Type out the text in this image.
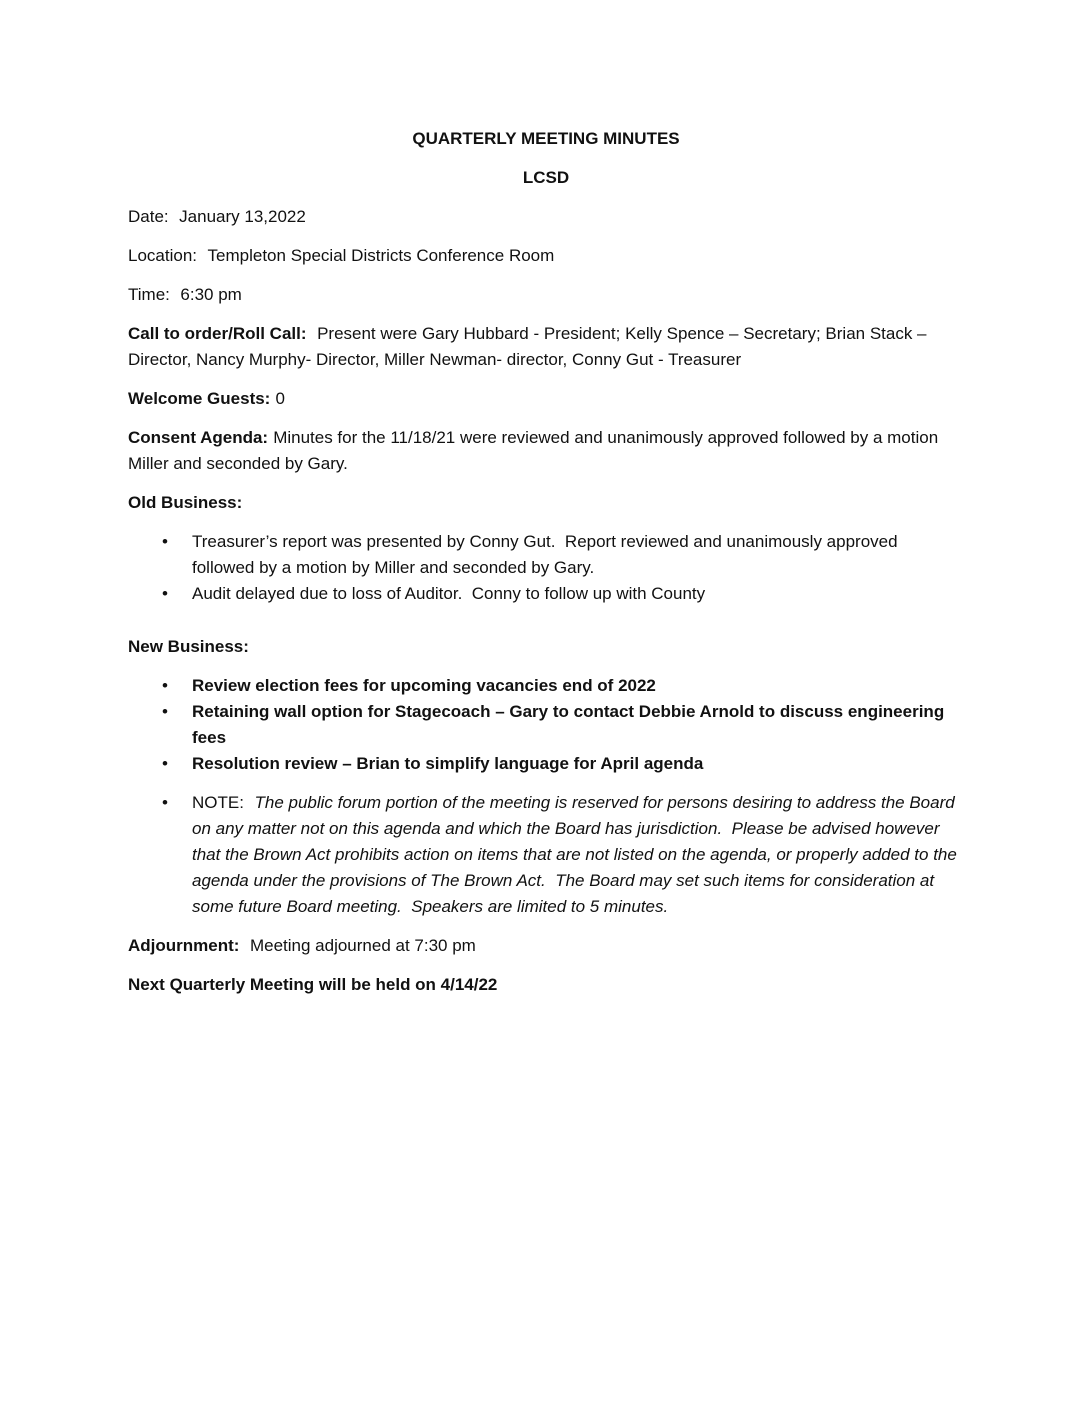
QUARTERLY MEETING MINUTES

LCSD

Date: January 13,2022

Location: Templeton Special Districts Conference Room

Time: 6:30 pm

Call to order/Roll Call: Present were Gary Hubbard - President; Kelly Spence – Secretary; Brian Stack – Director, Nancy Murphy- Director, Miller Newman- director, Conny Gut - Treasurer

Welcome Guests: 0

Consent Agenda: Minutes for the 11/18/21 were reviewed and unanimously approved followed by a motion Miller and seconded by Gary.

Old Business:

• Treasurer’s report was presented by Conny Gut.  Report reviewed and unanimously approved followed by a motion by Miller and seconded by Gary.
• Audit delayed due to loss of Auditor.  Conny to follow up with County

New Business:

• Review election fees for upcoming vacancies end of 2022
• Retaining wall option for Stagecoach – Gary to contact Debbie Arnold to discuss engineering fees
• Resolution review – Brian to simplify language for April agenda
• NOTE: The public forum portion of the meeting is reserved for persons desiring to address the Board on any matter not on this agenda and which the Board has jurisdiction.  Please be advised however that the Brown Act prohibits action on items that are not listed on the agenda, or properly added to the agenda under the provisions of The Brown Act.  The Board may set such items for consideration at some future Board meeting.  Speakers are limited to 5 minutes.

Adjournment: Meeting adjourned at 7:30 pm

Next Quarterly Meeting will be held on 4/14/22
